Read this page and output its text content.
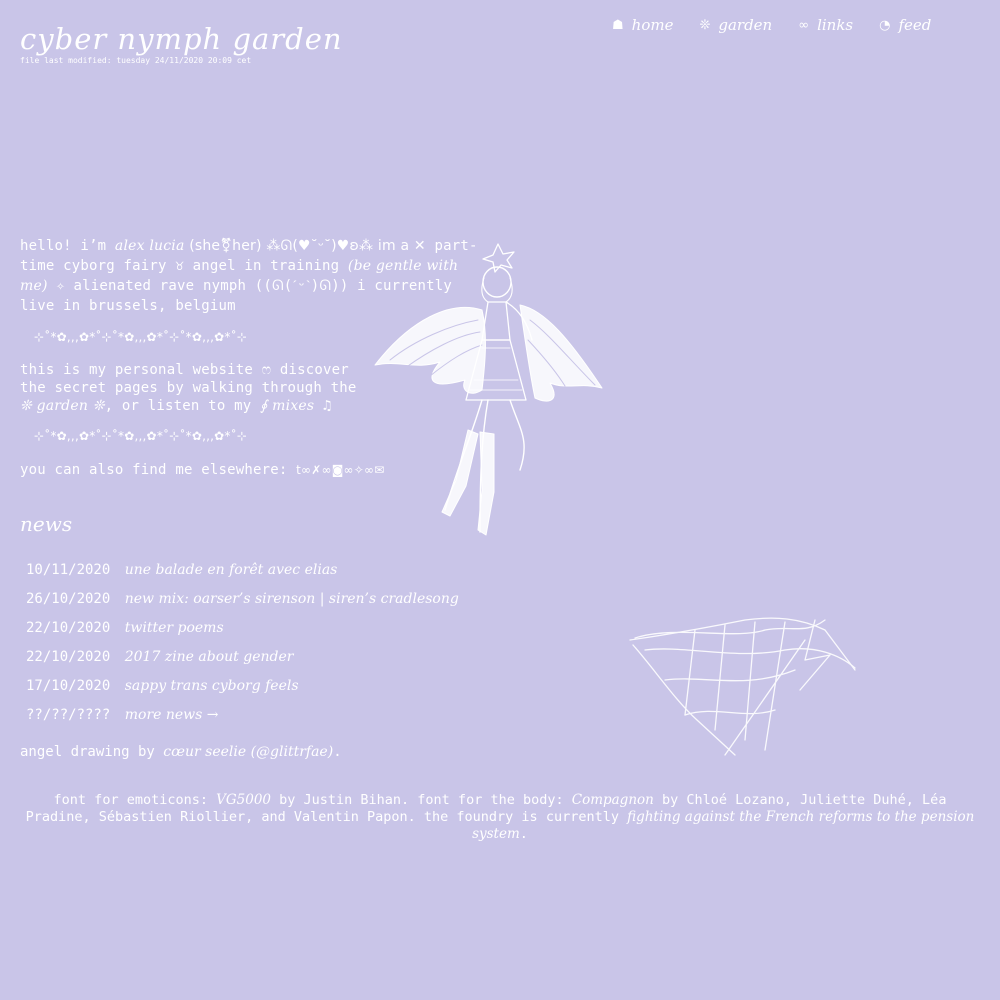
cyber nymph garden
file last modified: tuesday 24/11/2020 20:09 cet
☗ home ❊ garden ∞ links ◔ feed

hello! i’m alex lucia (she⚧her) ⁂ᘏ(♥˘ᵕ˘)♥ʚ⁂ im a ✕ part-time cyborg fairy ♉ angel in training (be gentle with me) ✧ alienated rave nymph ((ᘏ(ˊᵕˋ)ᘏ)) i currently live in brussels, belgium

⊹˚*✿,,,✿*˚⊹˚*✿,,,✿*˚⊹˚*✿,,,✿*˚⊹

this is my personal website ෆ discover the secret pages by walking through the ❊ garden ❊, or listen to my ∮ mixes ♫

⊹˚*✿,,,✿*˚⊹˚*✿,,,✿*˚⊹˚*✿,,,✿*˚⊹

you can also find me elsewhere: t∞✗∞◙∞✧∞✉

news
10/11/2020 une balade en forêt avec elias
26/10/2020 new mix: oarser’s sirenson | siren’s cradlesong
22/10/2020 twitter poems
22/10/2020 2017 zine about gender
17/10/2020 sappy trans cyborg feels
??/??/???? more news →
angel drawing by cœur seelie (@glittrfae).
font for emoticons: VG5000 by Justin Bihan. font for the body: Compagnon by Chloé Lozano, Juliette Duhé, Léa Pradine, Sébastien Riollier, and Valentin Papon. the foundry is currently fighting against the French reforms to the pension system.
